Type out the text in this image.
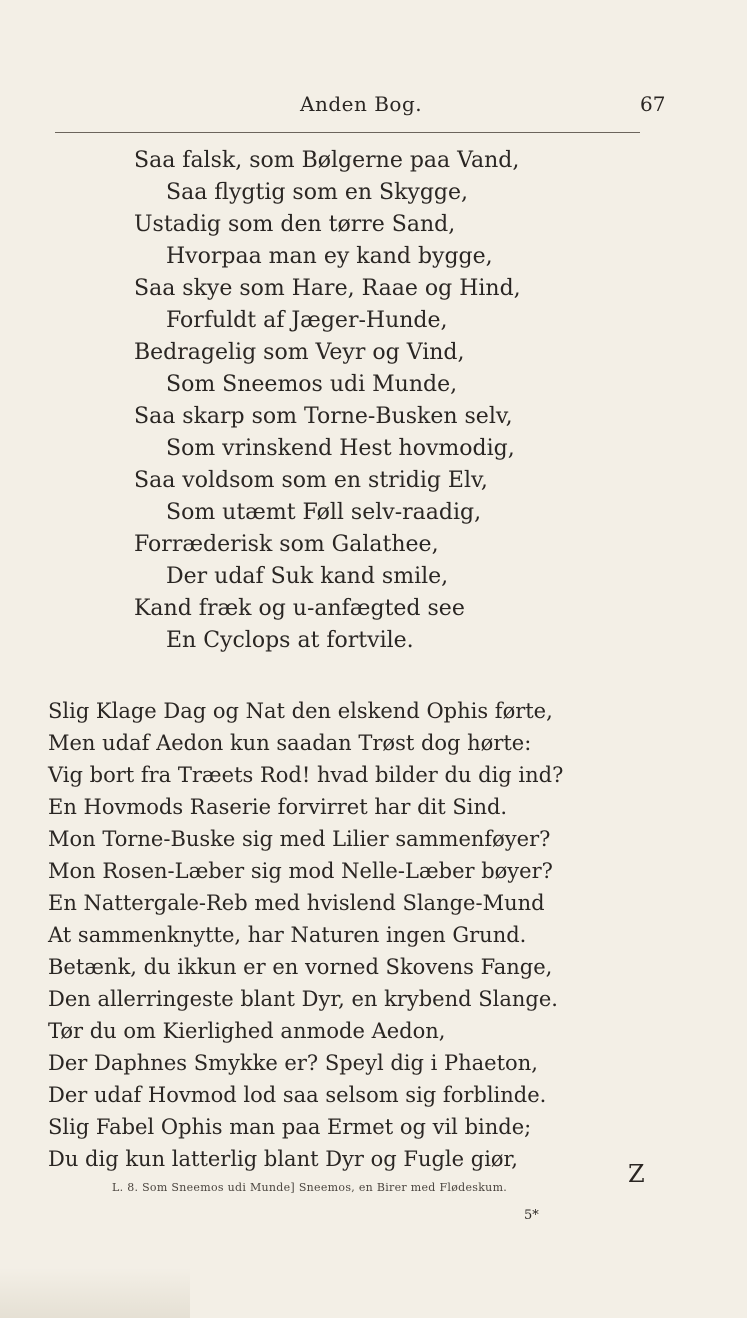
Anden Bog.	67
Saa falsk, som Bølgerne paa Vand,
Saa flygtig som en Skygge,
Ustadig som den tørre Sand,
Hvorpaa man ey kand bygge,
Saa skye som Hare, Raae og Hind,
Forfuldt af Jæger-Hunde,
Bedragelig som Veyr og Vind,
Som Sneemos udi Munde,
Saa skarp som Torne-Busken selv,
Som vrinskend Hest hovmodig,
Saa voldsom som en stridig Elv,
Som utæmt Føll selv-raadig,
Forræderisk som Galathee,
Der udaf Suk kand smile,
Kand fræk og u-anfægted see
En Cyclops at fortvile.
Slig Klage Dag og Nat den elskend Ophis førte,
Men udaf Aedon kun saadan Trøst dog hørte:
Vig bort fra Træets Rod! hvad bilder du dig ind?
En Hovmods Raserie forvirret har dit Sind.
Mon Torne-Buske sig med Lilier sammenføyer?
Mon Rosen-Læber sig mod Nelle-Læber bøyer?
En Nattergale-Reb med hvislend Slange-Mund
At sammenknytte, har Naturen ingen Grund.
Betænk, du ikkun er en vorned Skovens Fange,
Den allerringeste blant Dyr, en krybend Slange.
Tør du om Kierlighed anmode Aedon,
Der Daphnes Smykke er? Speyl dig i Phaeton,
Der udaf Hovmod lod saa selsom sig forblinde.
Slig Fabel Ophis man paa Ermet og vil binde;
Du dig kun latterlig blant Dyr og Fugle giør,
Z
L. 8. Som Sneemos udi Munde] Sneemos, en Birer med Flødeskum.
5*
